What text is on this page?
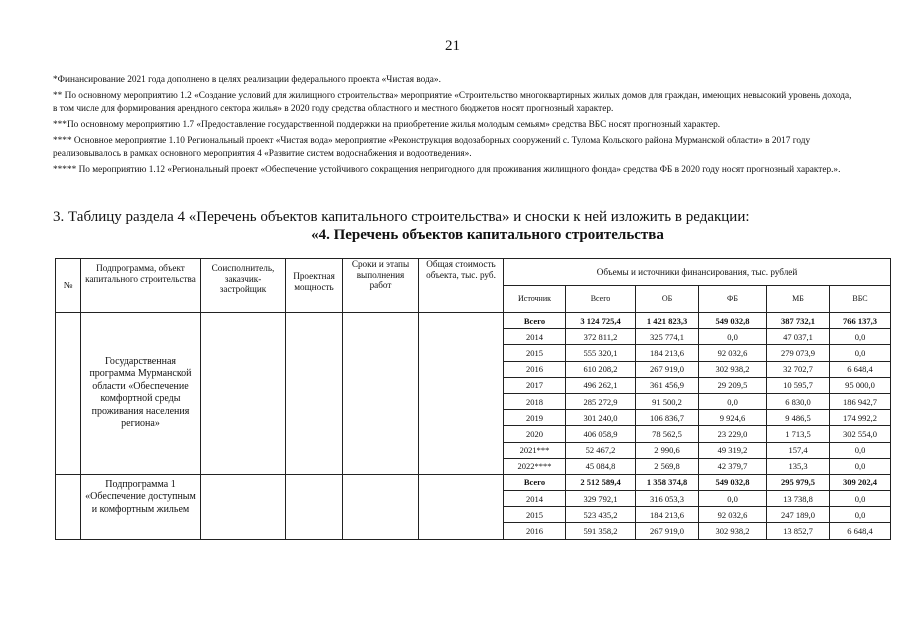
21

*Финансирование 2021 года дополнено в целях реализации федерального проекта «Чистая вода».

** По основному мероприятию 1.2 «Создание условий для жилищного строительства» мероприятие «Строительство многоквартирных жилых домов для граждан, имеющих невысокий уровень дохода, в том числе для формирования арендного сектора жилья» в 2020 году средства областного и местного бюджетов носят прогнозный характер.

***По основному мероприятию 1.7 «Предоставление государственной поддержки на приобретение жилья молодым семьям» средства ВБС носят прогнозный характер.

**** Основное мероприятие 1.10 Региональный проект «Чистая вода» мероприятие «Реконструкция водозаборных сооружений с. Тулома Кольского района Мурманской области» в 2017 году реализовывалось в рамках основного мероприятия 4 «Развитие систем водоснабжения и водоотведения».

***** По мероприятию 1.12 «Региональный проект «Обеспечение устойчивого сокращения непригодного для проживания жилищного фонда» средства ФБ в 2020 году носят прогнозный характер.».

3. Таблицу раздела 4 «Перечень объектов капитального строительства» и сноски к ней изложить в редакции:
«4. Перечень объектов капитального строительства
№	Подпрограмма, объект капитального строительства	Соисполнитель, заказчик-застройщик	Проектная мощность	Сроки и этапы выполнения работ	Общая стоимость объекта, тыс. руб.	Объемы и источники финансирования, тыс. рублей					
						Источник	Всего	ОБ	ФБ	МБ	ВБС
	Государственная программа Мурманской области «Обеспечение комфортной среды проживания населения региона»					Всего	3 124 725,4	1 421 823,3	549 032,8	387 732,1	766 137,3
						2014	372 811,2	325 774,1	0,0	47 037,1	0,0
						2015	555 320,1	184 213,6	92 032,6	279 073,9	0,0
						2016	610 208,2	267 919,0	302 938,2	32 702,7	6 648,4
						2017	496 262,1	361 456,9	29 209,5	10 595,7	95 000,0
						2018	285 272,9	91 500,2	0,0	6 830,0	186 942,7
						2019	301 240,0	106 836,7	9 924,6	9 486,5	174 992,2
						2020	406 058,9	78 562,5	23 229,0	1 713,5	302 554,0
						2021***	52 467,2	2 990,6	49 319,2	157,4	0,0
						2022****	45 084,8	2 569,8	42 379,7	135,3	0,0
	Подпрограмма 1 «Обеспечение доступным и комфортным жильем					Всего	2 512 589,4	1 358 374,8	549 032,8	295 979,5	309 202,4
						2014	329 792,1	316 053,3	0,0	13 738,8	0,0
						2015	523 435,2	184 213,6	92 032,6	247 189,0	0,0
						2016	591 358,2	267 919,0	302 938,2	13 852,7	6 648,4
